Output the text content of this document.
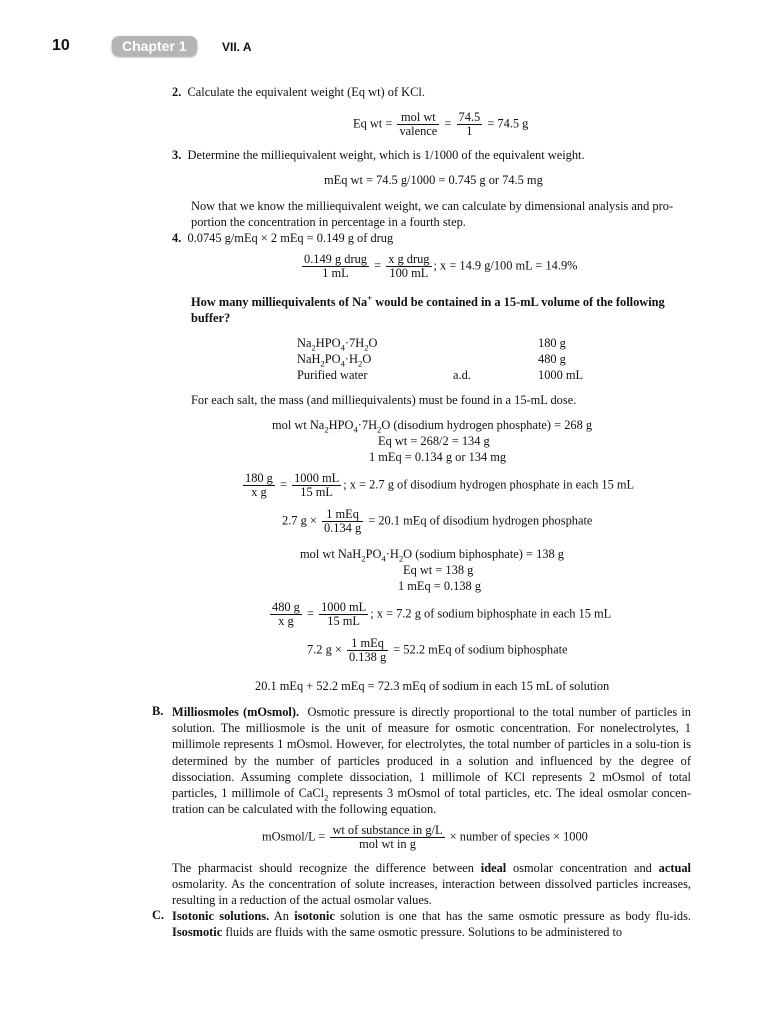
10	Chapter 1	VII. A
2. Calculate the equivalent weight (Eq wt) of KCl.
Eq wt = $\frac{\text{mol wt}}{\text{valence}} = \frac{74.5}{1} = 74.5$ g
3. Determine the milliequivalent weight, which is 1/1000 of the equivalent weight.
mEq wt = 74.5 g/1000 = 0.745 g or 74.5 mg
Now that we know the milliequivalent weight, we can calculate by dimensional analysis and pro-
portion the concentration in percentage in a fourth step.
4. 0.0745 g/mEq × 2 mEq = 0.149 g of drug
$\frac{\text{0.149 g drug}}{1 mL} = \frac{\text{x g drug}}{100 mL}$ ; x = 14.9 g/100 mL = 14.9%
How many milliequivalents of Na+ would be contained in a 15-mL volume of the following
buffer?
$Na_2HPO_4\cdot 7H_2O$	180 g
$NaH_2PO_4\cdot H_2O$	480 g
Purified water	a.d.	1000 mL
For each salt, the mass (and milliequivalents) must be found in a 15-mL dose.
mol wt $Na_2HPO_4\cdot 7H_2O$ (disodium hydrogen phosphate) = 268 g
Eq wt = 268/2 = 134 g
1 mEq = 0.134 g or 134 mg
$\frac{180 g}{\text{x g}} = \frac{1000 mL}{15 mL}$ ; x = 2.7 g of disodium hydrogen phosphate in each 15 mL
2.7 $g \times \frac{\text{1 mEq}}{0.134 g} = 20.1$ mEq of disodium hydrogen phosphate
mol wt $NaH_2PO_4\cdot H_2O$ (sodium biphosphate) = 138 g
Eq wt = 138 g
1 mEq = 0.138 g
$\frac{480 g}{\text{x g}} = \frac{1000 mL}{15 mL}$ ; x = 7.2 g of sodium biphosphate in each 15 mL
7.2 $g \times \frac{\text{1 mEq}}{0.138 g} = 52.2$ mEq of sodium biphosphate
20.1 mEq + 52.2 mEq = 72.3 mEq of sodium in each 15 mL of solution
B. Milliosmoles (mOsmol). Osmotic pressure is directly proportional to the total number of particles in solution. The milliosmole is the unit of measure for osmotic concentration. For nonelectrolytes, 1 millimole represents 1 mOsmol. However, for electrolytes, the total number of particles in a solu-tion is determined by the number of particles produced in a solution and influenced by the degree of dissociation. Assuming complete dissociation, 1 millimole of KCl represents 2 mOsmol of total particles, 1 millimole of CaCl$_2$ represents 3 mOsmol of total particles, etc. The ideal osmolar concen-tration can be calculated with the following equation.
mOsmol/L = $\frac{\text{wt of substance in g/L}}{\text{mol wt in g}}$ × number of species × 1000
The pharmacist should recognize the difference between ideal osmolar concentration and actual osmolarity. As the concentration of solute increases, interaction between dissolved particles increases, resulting in a reduction of the actual osmolar values.
C. Isotonic solutions. An isotonic solution is one that has the same osmotic pressure as body flu-ids. Isosmotic fluids are fluids with the same osmotic pressure. Solutions to be administered to
